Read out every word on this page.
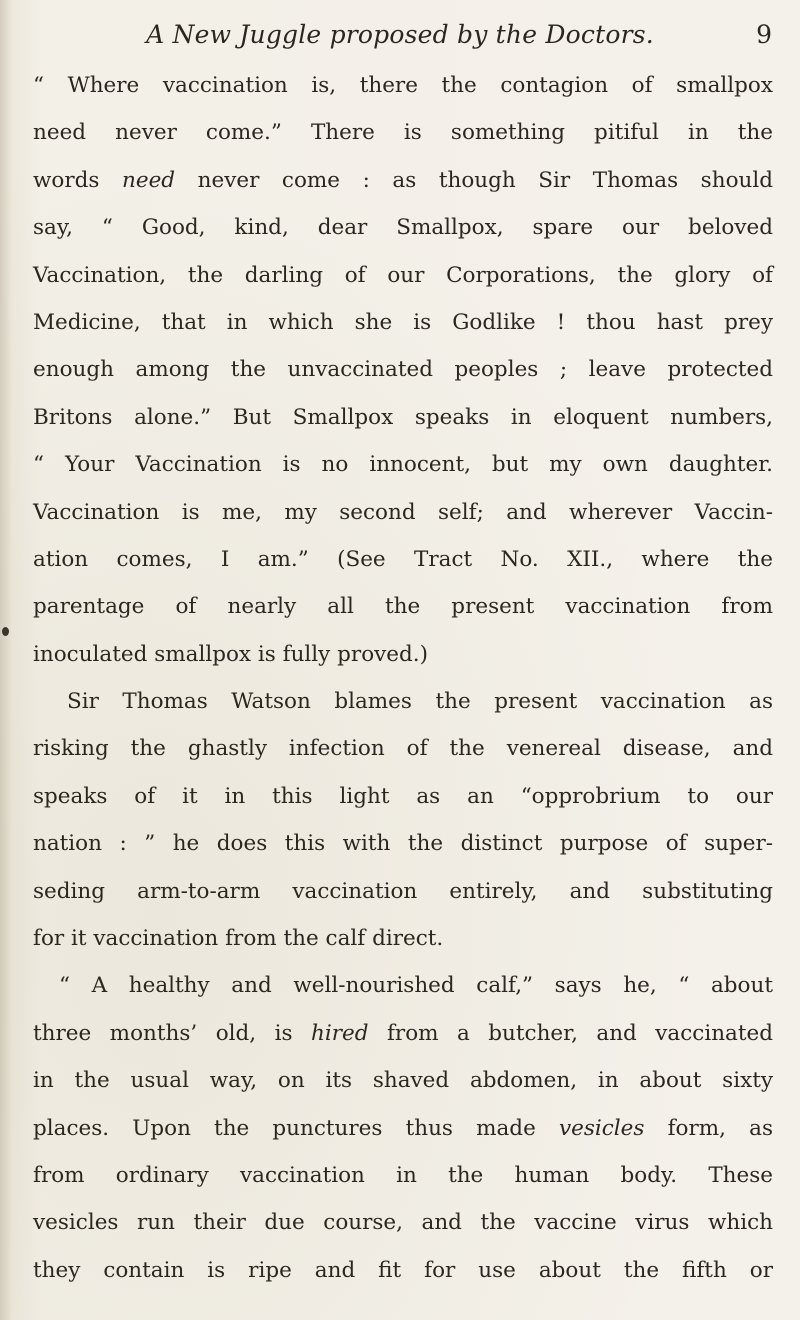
A New Juggle proposed by the Doctors.	9
“ Where vaccination is, there the contagion of smallpox
need never come.” There is something pitiful in the
words need never come : as though Sir Thomas should
say, “ Good, kind, dear Smallpox, spare our beloved
Vaccination, the darling of our Corporations, the glory of
Medicine, that in which she is Godlike ! thou hast prey
enough among the unvaccinated peoples ; leave protected
Britons alone.” But Smallpox speaks in eloquent numbers,
“ Your Vaccination is no innocent, but my own daughter.
Vaccination is me, my second self; and wherever Vaccin-
ation comes, I am.” (See Tract No. XII., where the
parentage of nearly all the present vaccination from
inoculated smallpox is fully proved.)
Sir Thomas Watson blames the present vaccination as
risking the ghastly infection of the venereal disease, and
speaks of it in this light as an “opprobrium to our
nation : ” he does this with the distinct purpose of super-
seding arm-to-arm vaccination entirely, and substituting
for it vaccination from the calf direct.
“ A healthy and well-nourished calf,” says he, “ about
three months’ old, is hired from a butcher, and vaccinated
in the usual way, on its shaved abdomen, in about sixty
places. Upon the punctures thus made vesicles form, as
from ordinary vaccination in the human body. These
vesicles run their due course, and the vaccine virus which
they contain is ripe and fit for use about the fifth or
